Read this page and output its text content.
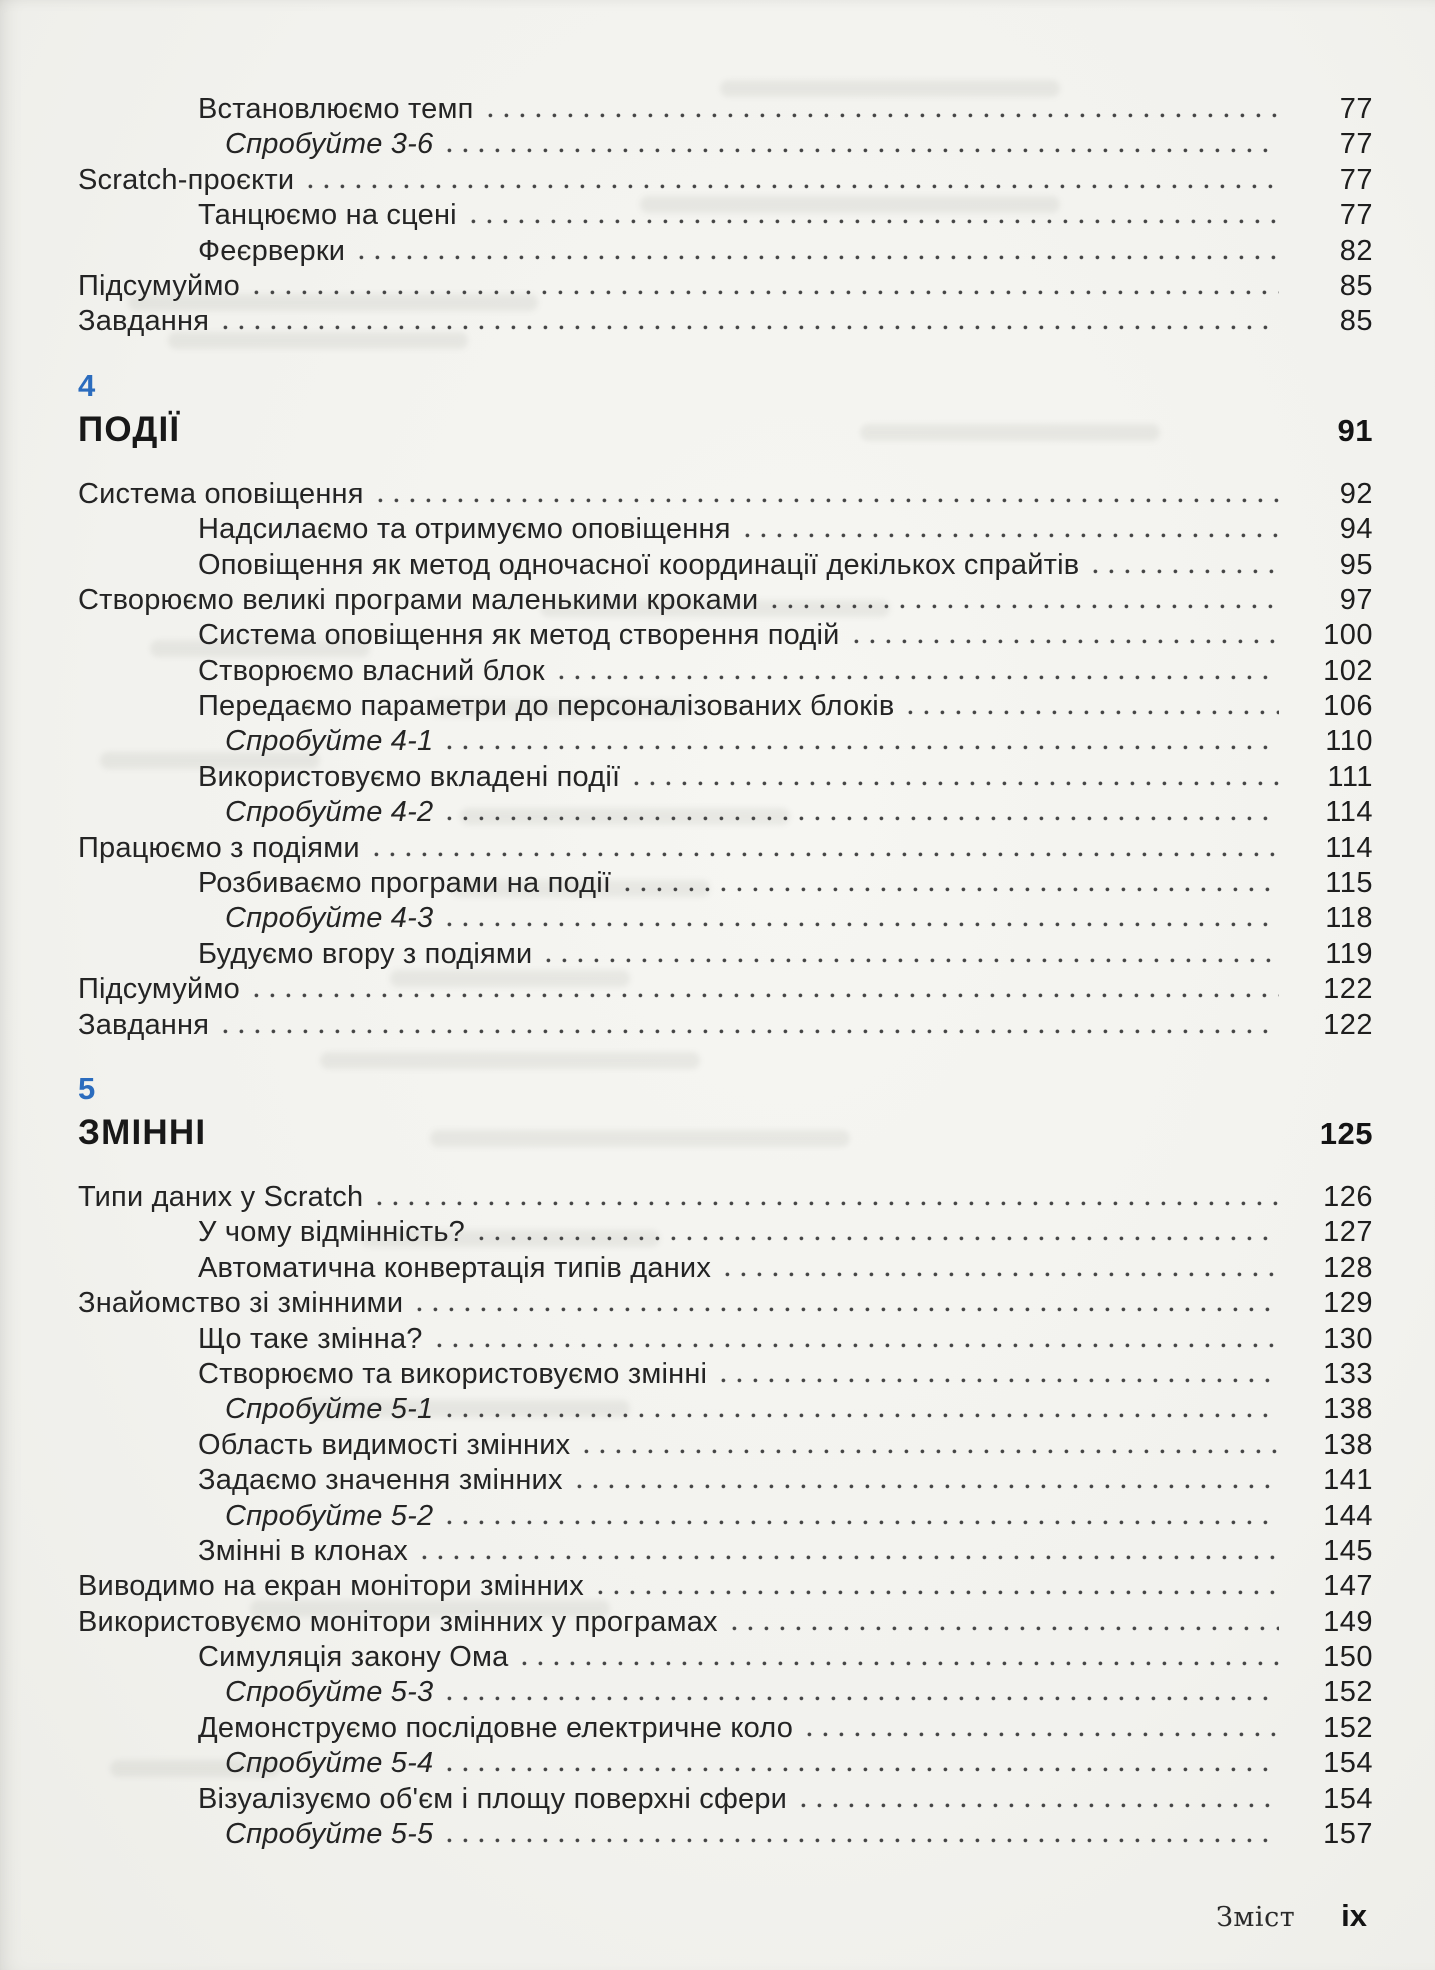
Встановлюємо темп	77
Спробуйте 3-6	77
Scratch-проєкти	77
Танцюємо на сцені	77
Феєрверки	82
Підсумуймо	85
Завдання	85
4
ПОДІЇ	91
Система оповіщення	92
Надсилаємо та отримуємо оповіщення	94
Оповіщення як метод одночасної координації декількох спрайтів	95
Створюємо великі програми маленькими кроками	97
Система оповіщення як метод створення подій	100
Створюємо власний блок	102
Передаємо параметри до персоналізованих блоків	106
Спробуйте 4-1	110
Використовуємо вкладені події	111
Спробуйте 4-2	114
Працюємо з подіями	114
Розбиваємо програми на події	115
Спробуйте 4-3	118
Будуємо вгору з подіями	119
Підсумуймо	122
Завдання	122
5
ЗМІННІ	125
Типи даних у Scratch	126
У чому відмінність?	127
Автоматична конвертація типів даних	128
Знайомство зі змінними	129
Що таке змінна?	130
Створюємо та використовуємо змінні	133
Спробуйте 5-1	138
Область видимості змінних	138
Задаємо значення змінних	141
Спробуйте 5-2	144
Змінні в клонах	145
Виводимо на екран монітори змінних	147
Використовуємо монітори змінних у програмах	149
Симуляція закону Ома	150
Спробуйте 5-3	152
Демонструємо послідовне електричне коло	152
Спробуйте 5-4	154
Візуалізуємо об'єм і площу поверхні сфери	154
Спробуйте 5-5	157
Зміст ix
